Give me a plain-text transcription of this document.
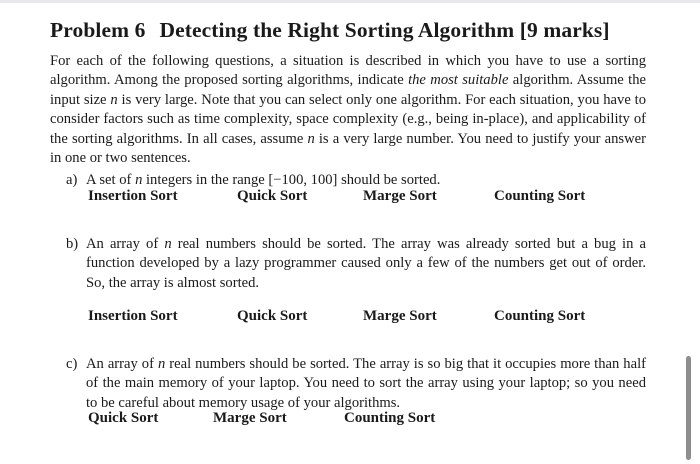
Problem 6 Detecting the Right Sorting Algorithm [9 marks]
For each of the following questions, a situation is described in which you have to use a sorting algorithm. Among the proposed sorting algorithms, indicate the most suitable algorithm. Assume the input size n is very large. Note that you can select only one algorithm. For each situation, you have to consider factors such as time complexity, space complexity (e.g., being in-place), and applicability of the sorting algorithms. In all cases, assume n is a very large number. You need to justify your answer in one or two sentences.
a) A set of n integers in the range [−100, 100] should be sorted.
Insertion Sort	Quick Sort	Marge Sort	Counting Sort
b) An array of n real numbers should be sorted. The array was already sorted but a bug in a function developed by a lazy programmer caused only a few of the numbers get out of order. So, the array is almost sorted.
Insertion Sort	Quick Sort	Marge Sort	Counting Sort
c) An array of n real numbers should be sorted. The array is so big that it occupies more than half of the main memory of your laptop. You need to sort the array using your laptop; so you need to be careful about memory usage of your algorithms.
Quick Sort	Marge Sort	Counting Sort
